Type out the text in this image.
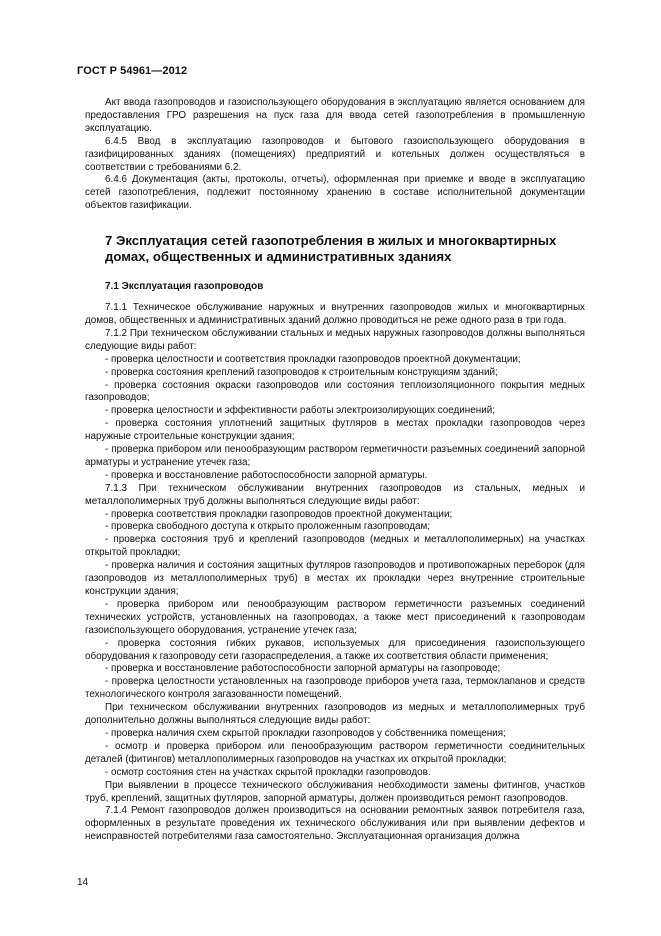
ГОСТ Р 54961—2012
Акт ввода газопроводов и газоиспользующего оборудования в эксплуатацию является основанием для предоставления ГРО разрешения на пуск газа для ввода сетей газопотребления в промышленную эксплуатацию.
6.4.5 Ввод в эксплуатацию газопроводов и бытового газоиспользующего оборудования в газифицированных зданиях (помещениях) предприятий и котельных должен осуществляться в соответствии с требованиями 6.2.
6.4.6 Документация (акты, протоколы, отчеты), оформленная при приемке и вводе в эксплуатацию сетей газопотребления, подлежит постоянному хранению в составе исполнительной документации объектов газификации.
7 Эксплуатация сетей газопотребления в жилых и многоквартирных домах, общественных и административных зданиях
7.1 Эксплуатация газопроводов
7.1.1 Техническое обслуживание наружных и внутренних газопроводов жилых и многоквартирных домов, общественных и административных зданий должно проводиться не реже одного раза в три года.
7.1.2 При техническом обслуживании стальных и медных наружных газопроводов должны выполняться следующие виды работ:
- проверка целостности и соответствия прокладки газопроводов проектной документации;
- проверка состояния креплений газопроводов к строительным конструкциям зданий;
- проверка состояния окраски газопроводов или состояния теплоизоляционного покрытия медных газопроводов;
- проверка целостности и эффективности работы электроизолирующих соединений;
- проверка состояния уплотнений защитных футляров в местах прокладки газопроводов через наружные строительные конструкции здания;
- проверка прибором или пенообразующим раствором герметичности разъемных соединений запорной арматуры и устранение утечек газа;
- проверка и восстановление работоспособности запорной арматуры.
7.1.3 При техническом обслуживании внутренних газопроводов из стальных, медных и металлополимерных труб должны выполняться следующие виды работ:
- проверка соответствия прокладки газопроводов проектной документации;
- проверка свободного доступа к открыто проложенным газопроводам;
- проверка состояния труб и креплений газопроводов (медных и металлополимерных) на участках открытой прокладки;
- проверка наличия и состояния защитных футляров газопроводов и противопожарных перебoрок (для газопроводов из металлополимерных труб) в местах их прокладки через внутренние строительные конструкции здания;
- проверка прибором или пенообразующим раствором герметичности разъемных соединений технических устройств, установленных на газопроводах, а также мест присоединений к газопроводам газоиспользующего оборудования, устранение утечек газа;
- проверка состояния гибких рукавов, используемых для присоединения газоиспользующего оборудования к газопроводу сети газораспределения, а также их соответствия области применения;
- проверка и восстановление работоспособности запорной арматуры на газопроводе;
- проверка целостности установленных на газопроводе приборов учета газа, термоклапанов и средств технологического контроля загазованности помещений.
При техническом обслуживании внутренних газопроводов из медных и металлополимерных труб дополнительно должны выполняться следующие виды работ:
- проверка наличия схем скрытой прокладки газопроводов у собственника помещения;
- осмотр и проверка прибором или пенообразующим раствором герметичности соединительных деталей (фитингов) металлополимерных газопроводов на участках их открытой прокладки;
- осмотр состояния стен на участках скрытой прокладки газопроводов.
При выявлении в процессе технического обслуживания необходимости замены фитингов, участков труб, креплений, защитных футляров, запорной арматуры, должен производиться ремонт газопроводов.
7.1.4 Ремонт газопроводов должен производиться на основании ремонтных заявок потребителя газа, оформленных в результате проведения их технического обслуживания или при выявлении дефектов и неисправностей потребителями газа самостоятельно. Эксплуатационная организация должна
14
